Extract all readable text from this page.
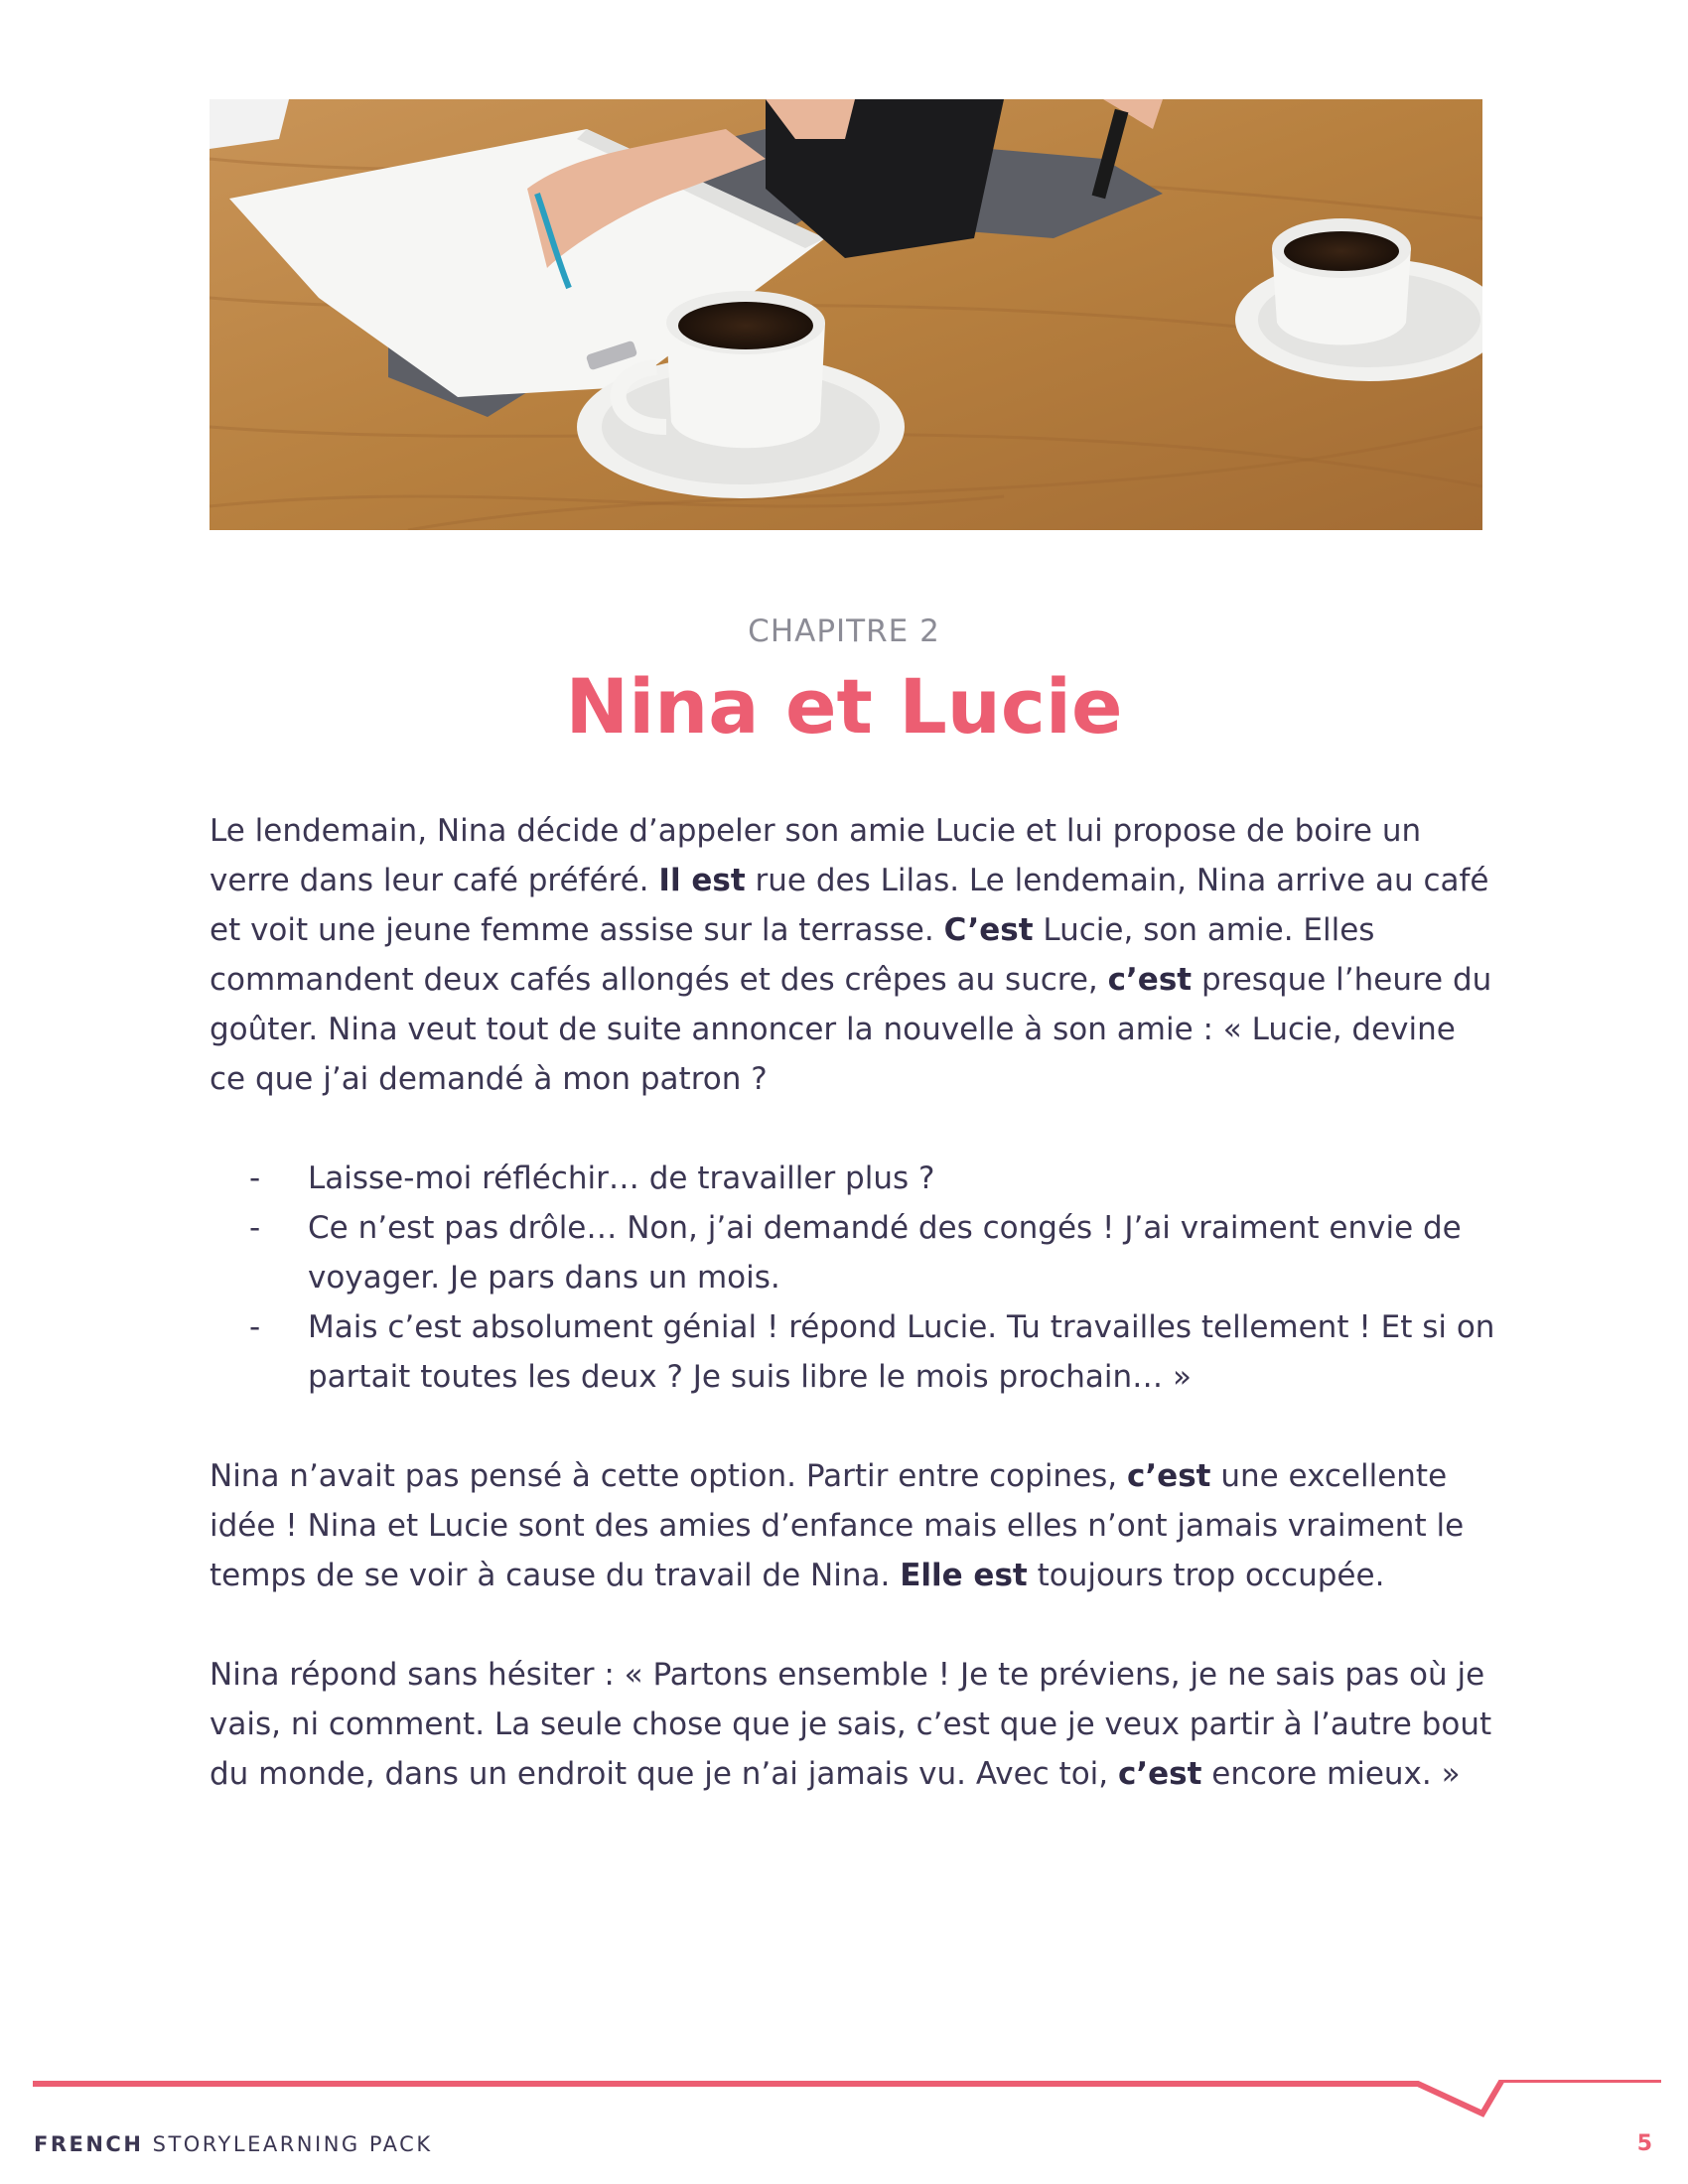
CHAPITRE 2
Nina et Lucie

Le lendemain, Nina décide d’appeler son amie Lucie et lui propose de boire un verre dans leur café préféré. Il est rue des Lilas. Le lendemain, Nina arrive au café et voit une jeune femme assise sur la terrasse. C’est Lucie, son amie. Elles commandent deux cafés allongés et des crêpes au sucre, c’est presque l’heure du goûter. Nina veut tout de suite annoncer la nouvelle à son amie : « Lucie, devine ce que j’ai demandé à mon patron ?

- Laisse-moi réfléchir… de travailler plus ?
- Ce n’est pas drôle… Non, j’ai demandé des congés ! J’ai vraiment envie de voyager. Je pars dans un mois.
- Mais c’est absolument génial ! répond Lucie. Tu travailles tellement ! Et si on partait toutes les deux ? Je suis libre le mois prochain… »

Nina n’avait pas pensé à cette option. Partir entre copines, c’est une excellente idée ! Nina et Lucie sont des amies d’enfance mais elles n’ont jamais vraiment le temps de se voir à cause du travail de Nina. Elle est toujours trop occupée.

Nina répond sans hésiter : « Partons ensemble ! Je te préviens, je ne sais pas où je vais, ni comment. La seule chose que je sais, c’est que je veux partir à l’autre bout du monde, dans un endroit que je n’ai jamais vu. Avec toi, c’est encore mieux. »

FRENCH STORYLEARNING PACK	5
